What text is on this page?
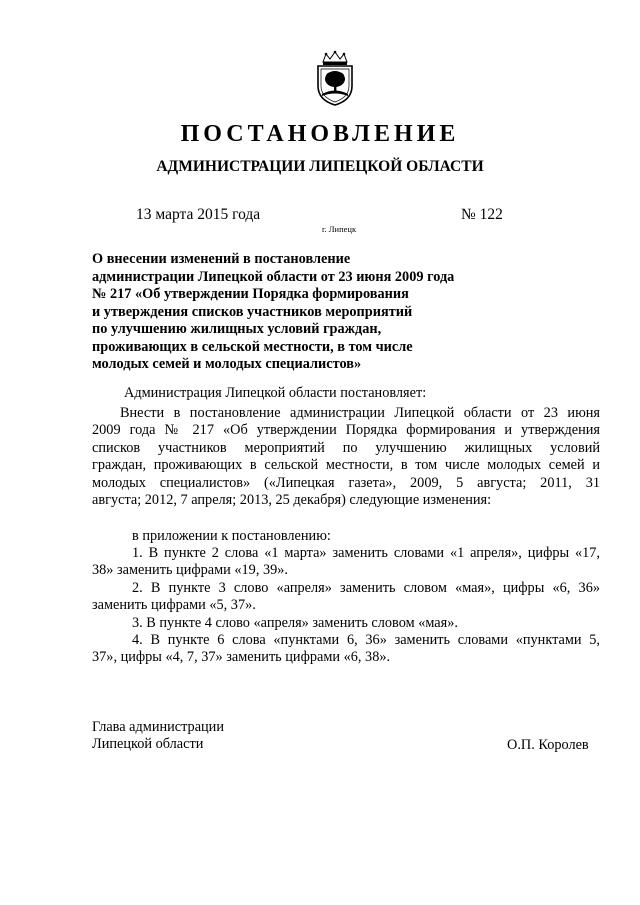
ПОСТАНОВЛЕНИЕ
АДМИНИСТРАЦИИ ЛИПЕЦКОЙ ОБЛАСТИ
13 марта 2015 года
г. Липецк
№ 122
О внесении изменений в постановление
администрации Липецкой области от 23 июня 2009 года
№ 217 «Об утверждении Порядка формирования
и утверждения списков участников мероприятий
по улучшению жилищных условий граждан,
проживающих в сельской местности, в том числе
молодых семей и молодых специалистов»
Администрация Липецкой области постановляет:
Внести в постановление администрации Липецкой области от 23 июня
2009 года № 217 «Об утверждении Порядка формирования и утверждения
списков участников мероприятий по улучшению жилищных условий
граждан, проживающих в сельской местности, в том числе молодых семей и
молодых специалистов» («Липецкая газета», 2009, 5 августа; 2011, 31
августа; 2012, 7 апреля; 2013, 25 декабря) следующие изменения:
в приложении к постановлению:
1. В пункте 2 слова «1 марта» заменить словами «1 апреля», цифры «17,
38» заменить цифрами «19, 39».
2. В пункте 3 слово «апреля» заменить словом «мая», цифры «6, 36»
заменить цифрами «5, 37».
3. В пункте 4 слово «апреля» заменить словом «мая».
4. В пункте 6 слова «пунктами 6, 36» заменить словами «пунктами 5,
37», цифры «4, 7, 37» заменить цифрами «6, 38».
Глава администрации
Липецкой области	О.П. Королев
